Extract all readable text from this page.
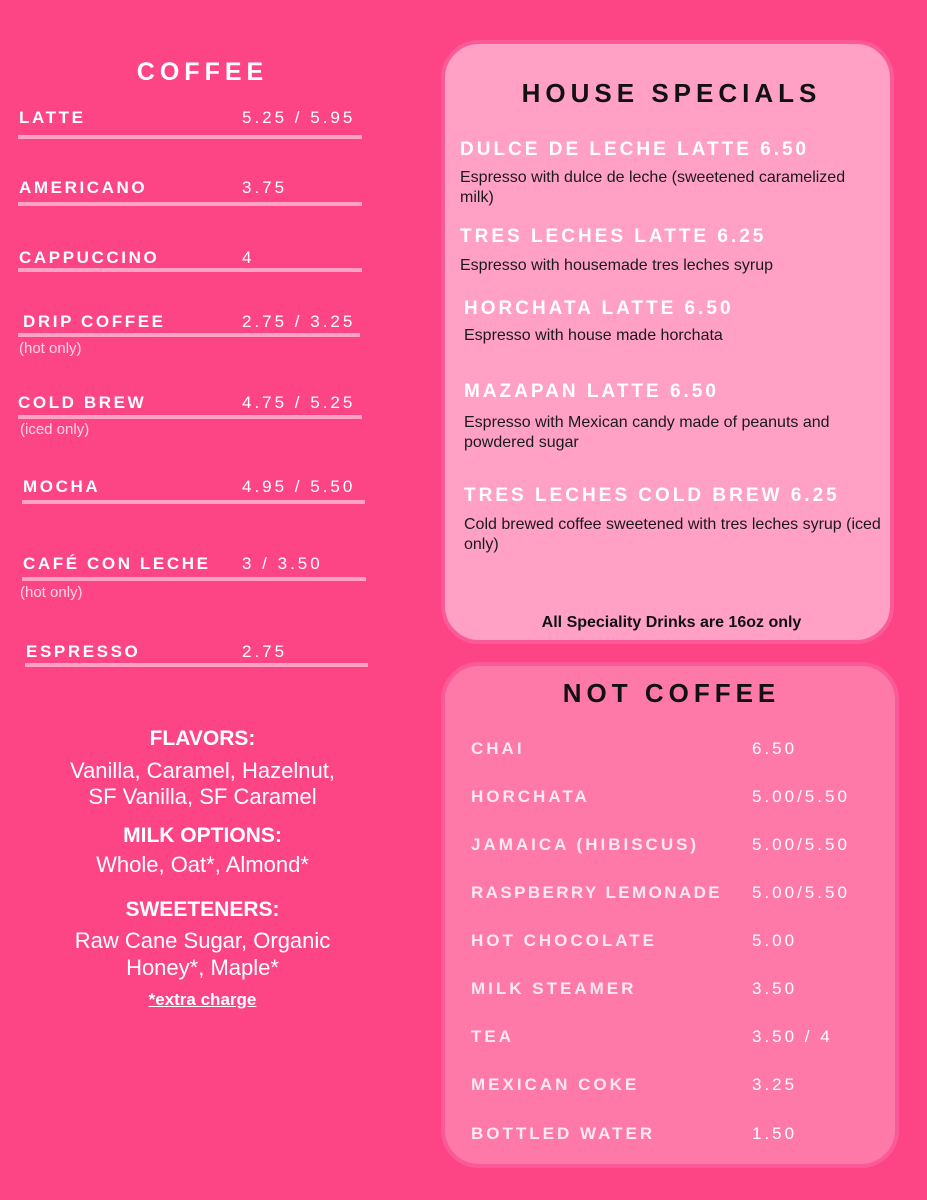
COFFEE
LATTE	5.25 / 5.95
AMERICANO	3.75
CAPPUCCINO	4
DRIP COFFEE	2.75 / 3.25
(hot only)
COLD BREW	4.75 / 5.25
(iced only)
MOCHA	4.95 / 5.50
CAFÉ CON LECHE 3 / 3.50
(hot only)
ESPRESSO	2.75
FLAVORS:
Vanilla, Caramel, Hazelnut,
SF Vanilla, SF Caramel
MILK OPTIONS:
Whole, Oat*, Almond*
SWEETENERS:
Raw Cane Sugar, Organic
Honey*, Maple*
*extra charge
HOUSE SPECIALS
DULCE DE LECHE LATTE 6.50
Espresso with dulce de leche (sweetened caramelized milk)
TRES LECHES LATTE 6.25
Espresso with housemade tres leches syrup
HORCHATA LATTE 6.50
Espresso with house made horchata
MAZAPAN LATTE 6.50
Espresso with Mexican candy made of peanuts and powdered sugar
TRES LECHES COLD BREW 6.25
Cold brewed coffee sweetened with tres leches syrup (iced only)
All Speciality Drinks are 16oz only
NOT COFFEE
CHAI	6.50
HORCHATA	5.00/5.50
JAMAICA (HIBISCUS)	5.00/5.50
RASPBERRY LEMONADE 5.00/5.50
HOT CHOCOLATE	5.00
MILK STEAMER	3.50
TEA	3.50 / 4
MEXICAN COKE	3.25
BOTTLED WATER	1.50
